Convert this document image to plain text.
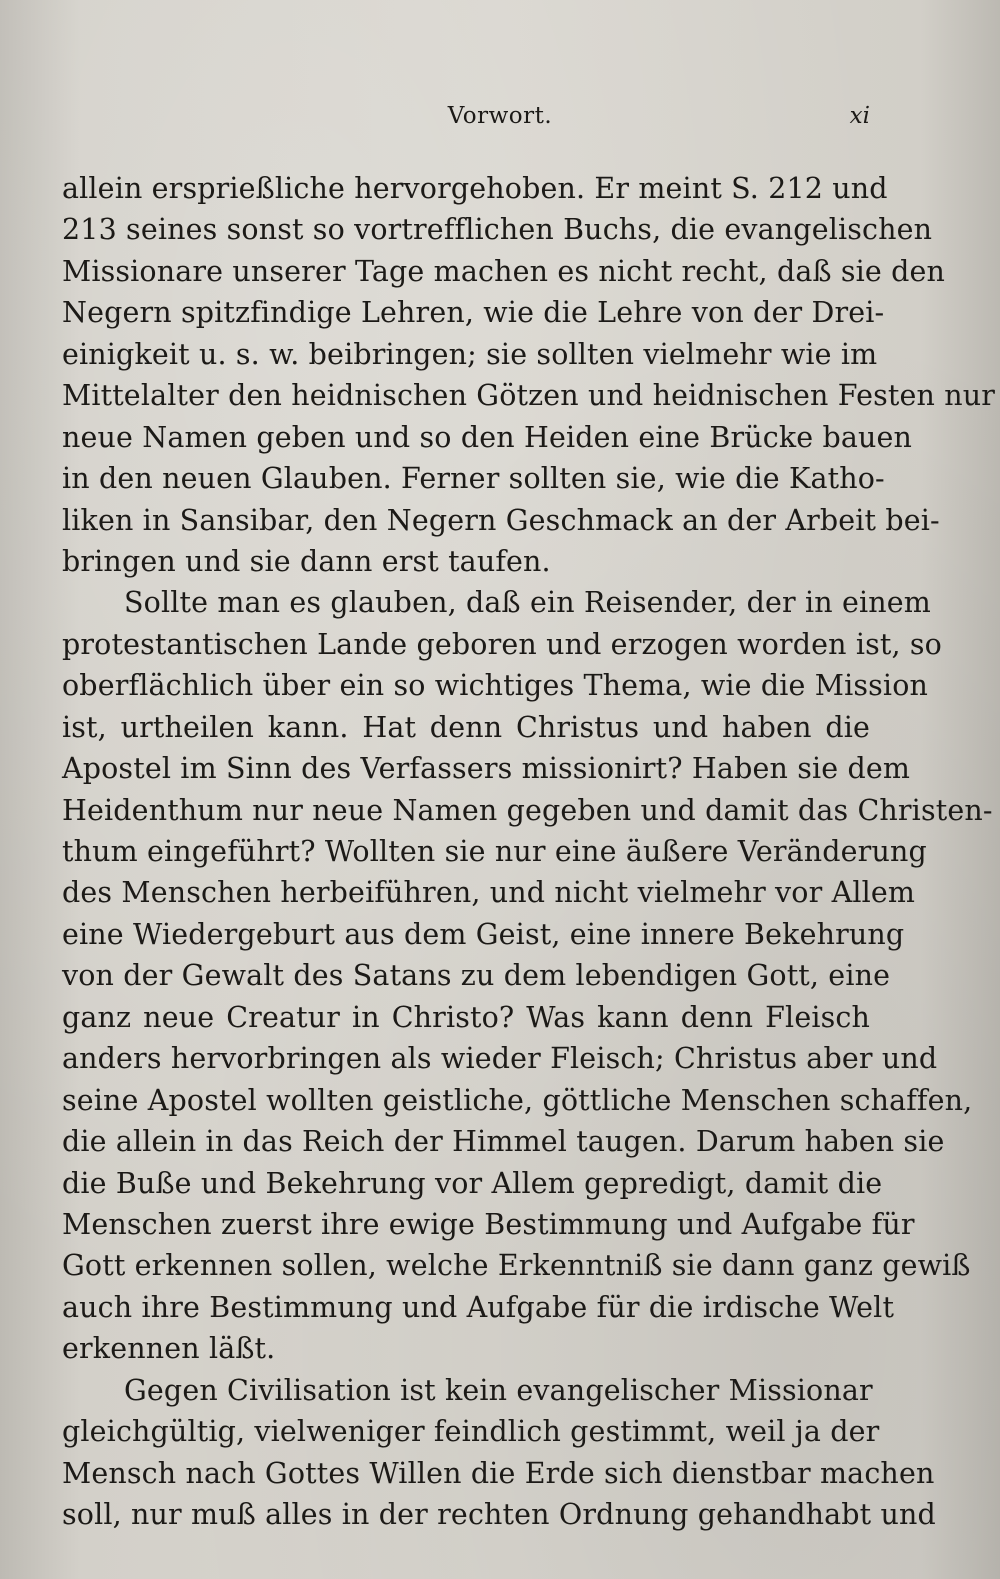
Vorwort.	xi
allein ersprießliche hervorgehoben. Er meint S. 212 und
213 seines sonst so vortrefflichen Buchs, die evangelischen
Missionare unserer Tage machen es nicht recht, daß sie den
Negern spitzfindige Lehren, wie die Lehre von der Drei-
einigkeit u. s. w. beibringen; sie sollten vielmehr wie im
Mittelalter den heidnischen Götzen und heidnischen Festen nur
neue Namen geben und so den Heiden eine Brücke bauen
in den neuen Glauben. Ferner sollten sie, wie die Katho-
liken in Sansibar, den Negern Geschmack an der Arbeit bei-
bringen und sie dann erst taufen.
Sollte man es glauben, daß ein Reisender, der in einem
protestantischen Lande geboren und erzogen worden ist, so
oberflächlich über ein so wichtiges Thema, wie die Mission
ist, urtheilen kann. Hat denn Christus und haben die
Apostel im Sinn des Verfassers missionirt? Haben sie dem
Heidenthum nur neue Namen gegeben und damit das Christen-
thum eingeführt? Wollten sie nur eine äußere Veränderung
des Menschen herbeiführen, und nicht vielmehr vor Allem
eine Wiedergeburt aus dem Geist, eine innere Bekehrung
von der Gewalt des Satans zu dem lebendigen Gott, eine
ganz neue Creatur in Christo? Was kann denn Fleisch
anders hervorbringen als wieder Fleisch; Christus aber und
seine Apostel wollten geistliche, göttliche Menschen schaffen,
die allein in das Reich der Himmel taugen. Darum haben sie
die Buße und Bekehrung vor Allem gepredigt, damit die
Menschen zuerst ihre ewige Bestimmung und Aufgabe für
Gott erkennen sollen, welche Erkenntniß sie dann ganz gewiß
auch ihre Bestimmung und Aufgabe für die irdische Welt
erkennen läßt.
Gegen Civilisation ist kein evangelischer Missionar
gleichgültig, vielweniger feindlich gestimmt, weil ja der
Mensch nach Gottes Willen die Erde sich dienstbar machen
soll, nur muß alles in der rechten Ordnung gehandhabt und
